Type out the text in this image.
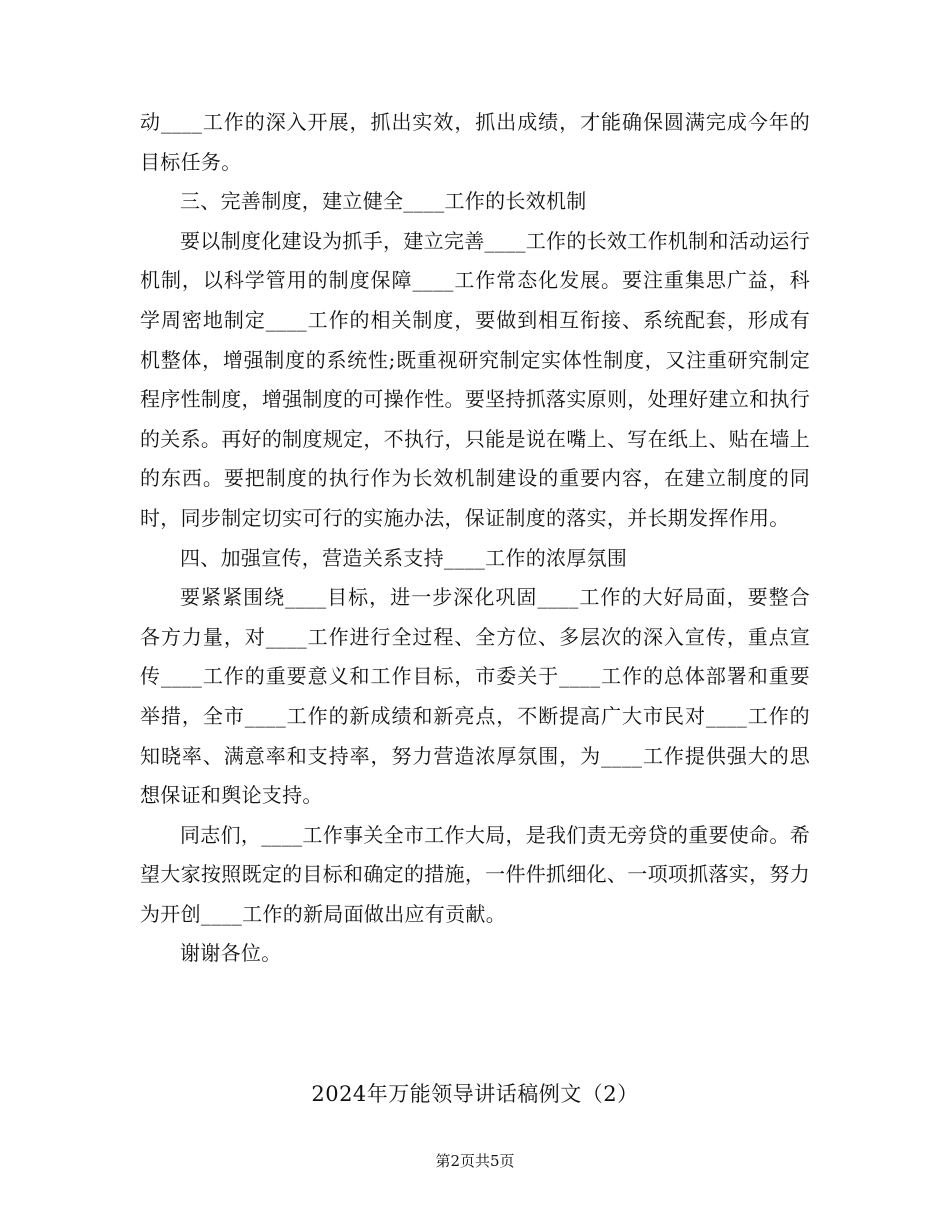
动____工作的深入开展，抓出实效，抓出成绩，才能确保圆满完成今年的目标任务。

三、完善制度，建立健全____工作的长效机制

要以制度化建设为抓手，建立完善____工作的长效工作机制和活动运行机制，以科学管用的制度保障____工作常态化发展。要注重集思广益，科学周密地制定____工作的相关制度，要做到相互衔接、系统配套，形成有机整体，增强制度的系统性;既重视研究制定实体性制度，又注重研究制定程序性制度，增强制度的可操作性。要坚持抓落实原则，处理好建立和执行的关系。再好的制度规定，不执行，只能是说在嘴上、写在纸上、贴在墙上的东西。要把制度的执行作为长效机制建设的重要内容，在建立制度的同时，同步制定切实可行的实施办法，保证制度的落实，并长期发挥作用。

四、加强宣传，营造关系支持____工作的浓厚氛围

要紧紧围绕____目标，进一步深化巩固____工作的大好局面，要整合各方力量，对____工作进行全过程、全方位、多层次的深入宣传，重点宣传____工作的重要意义和工作目标，市委关于____工作的总体部署和重要举措，全市____工作的新成绩和新亮点，不断提高广大市民对____工作的知晓率、满意率和支持率，努力营造浓厚氛围，为____工作提供强大的思想保证和舆论支持。

同志们，____工作事关全市工作大局，是我们责无旁贷的重要使命。希望大家按照既定的目标和确定的措施，一件件抓细化、一项项抓落实，努力为开创____工作的新局面做出应有贡献。

谢谢各位。

2024年万能领导讲话稿例文（2）
第2页共5页
